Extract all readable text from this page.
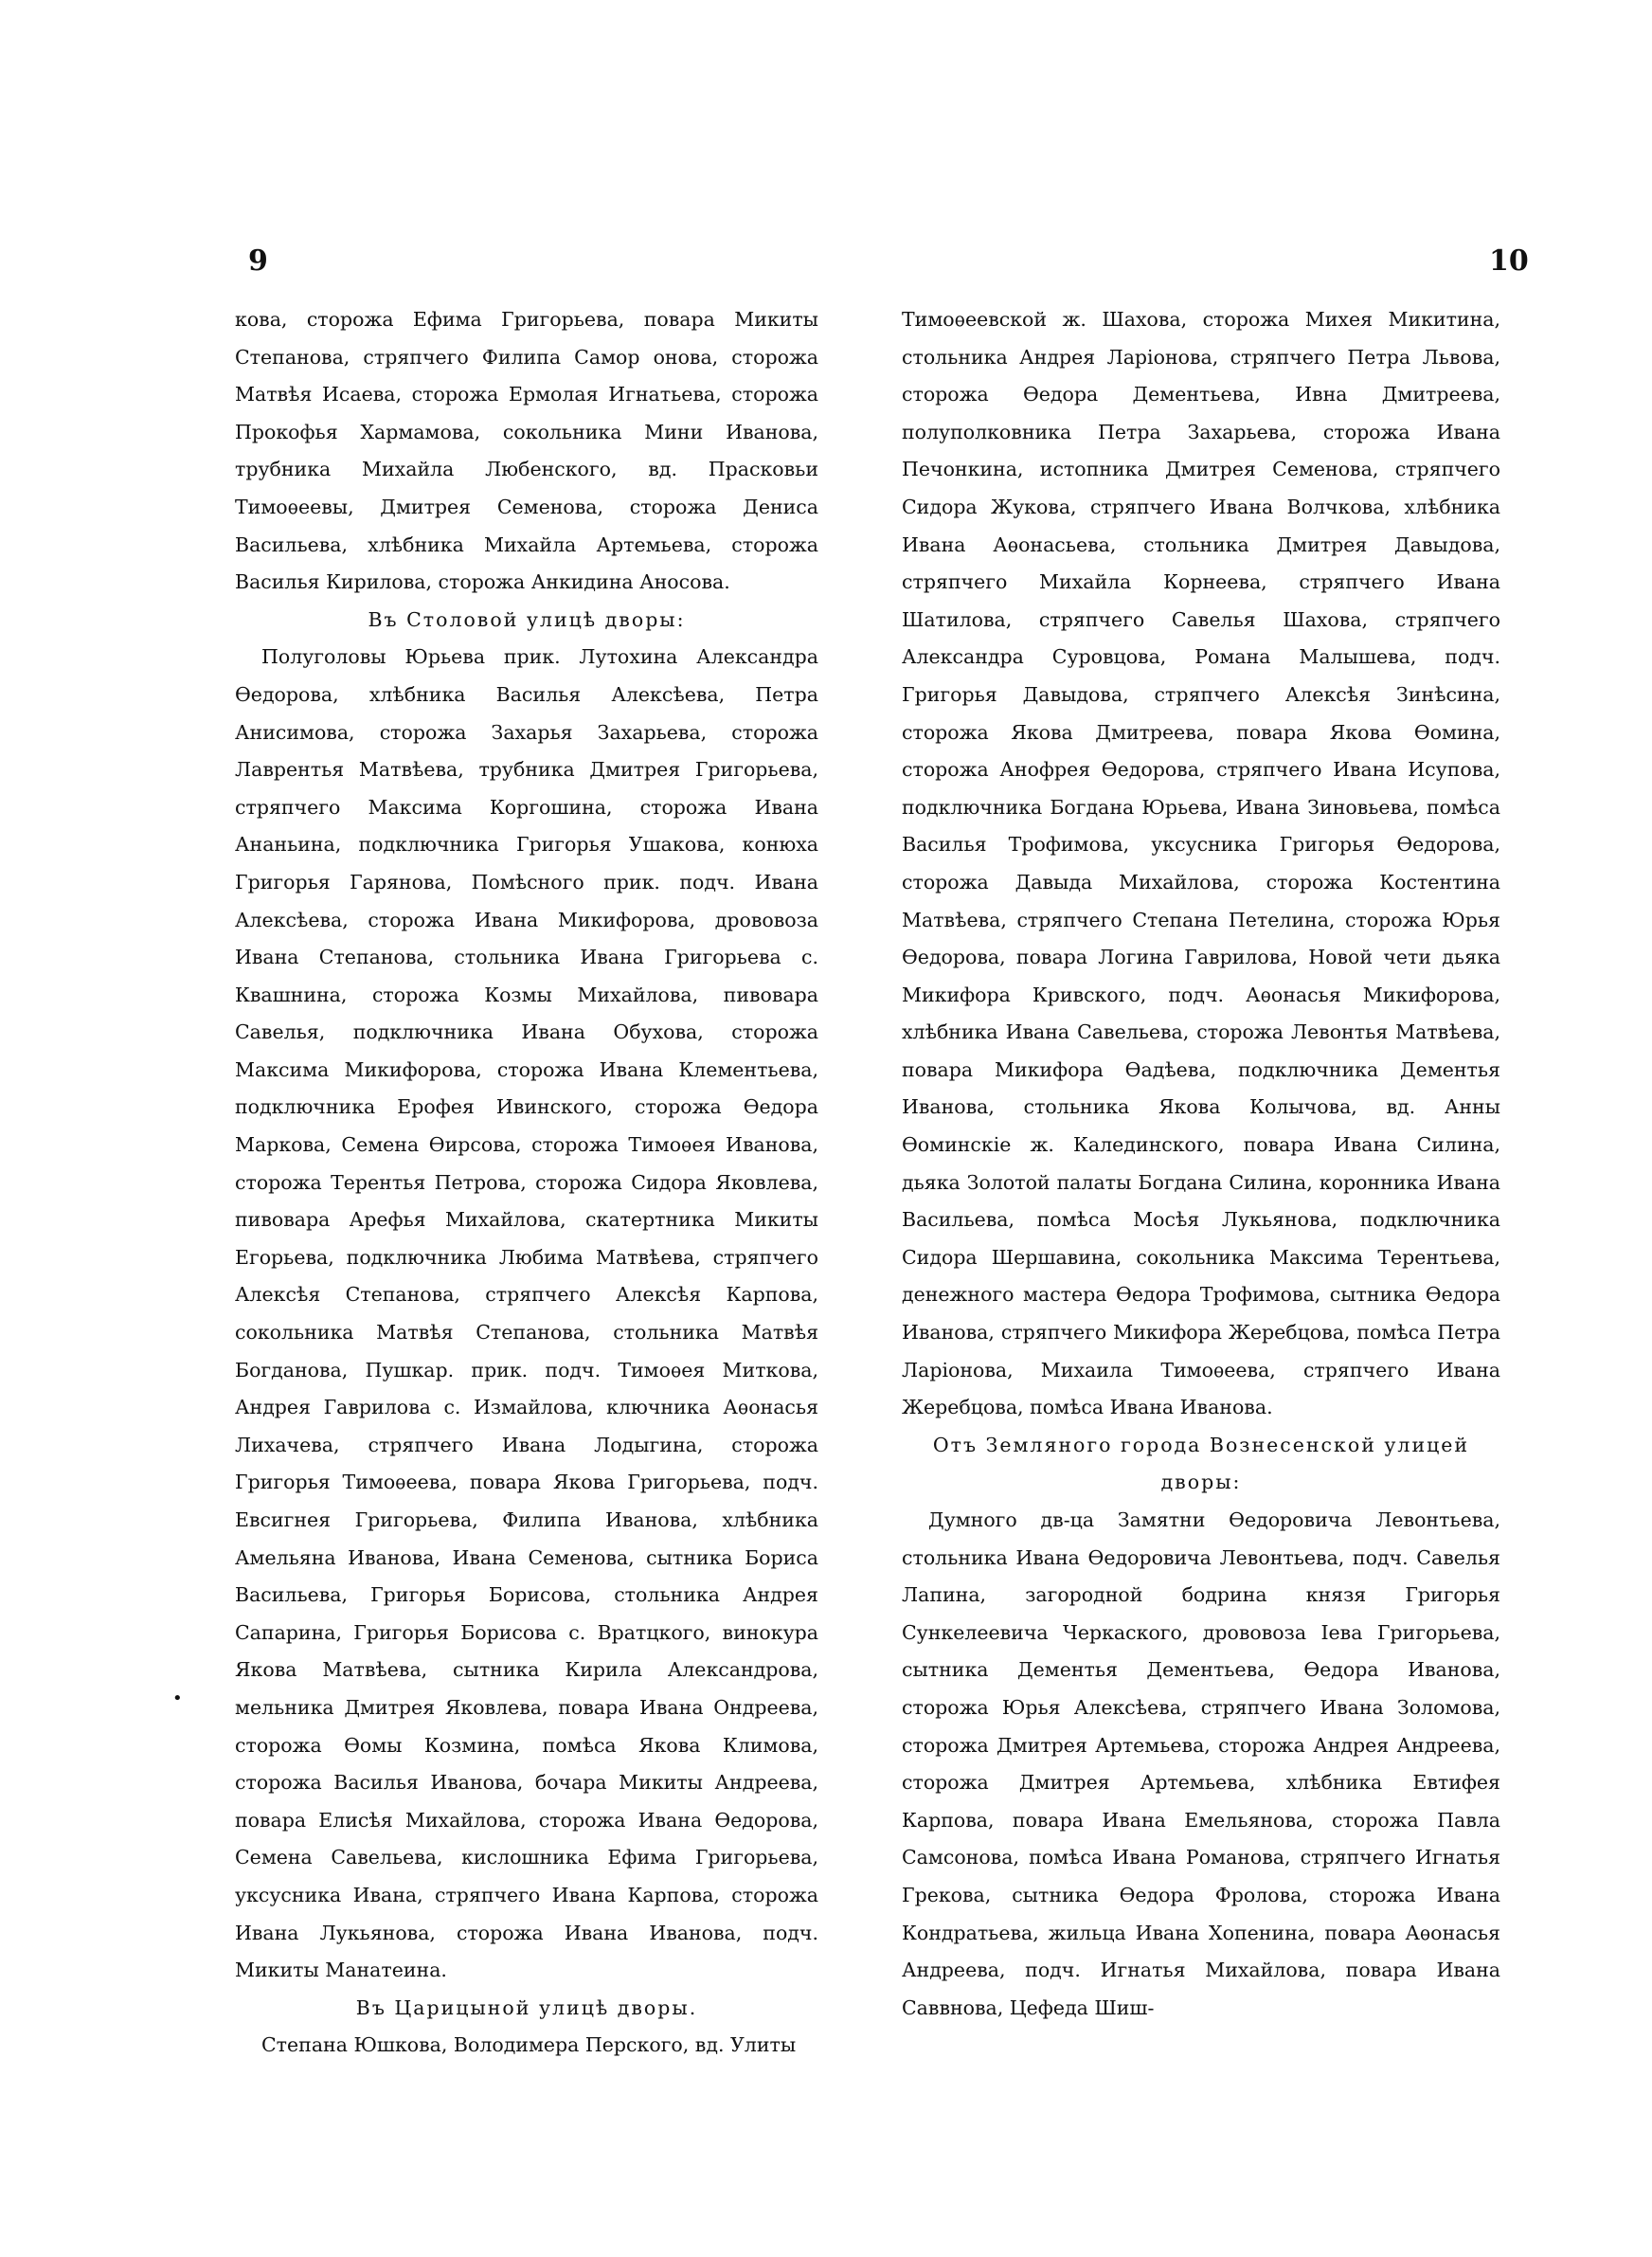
9	10
•

кова, сторожа Ефима Григорьева, повара Микиты Степанова, стряпчего Филипа Самоp онова, сторожа Матвѣя Исаева, сторожа Ермолая Игнатьева, сторожа Прокофья Хармамова, сокольника Мини Иванова, трубника Михайла Любенского, вд. Прасковьи Тимоѳеевы, Дмитрея Семенова, сторожа Дениса Васильева, хлѣбника Михайла Артемьева, сторожа Василья Кирилова, сторожа Анкидина Аносова.

Въ Столовой улицѣ дворы:

Полуголовы Юрьева прик. Лутохина Александра Ѳедорова, хлѣбника Василья Алексѣева, Петра Анисимова, сторожа Захарья Захарьева, сторожа Лаврентья Матвѣева, трубника Дмитрея Григорьева, стряпчего Максима Коргошина, сторожа Ивана Ананьина, подключника Григорья Ушакова, конюха Григорья Гарянова, Помѣсного прик. подч. Ивана Алексѣева, сторожа Ивана Микифорова, дрововоза Ивана Степанова, стольника Ивана Григорьева с. Квашнина, сторожа Козмы Михайлова, пивовара Савелья, подключника Ивана Обухова, сторожа Максима Микифорова, сторожа Ивана Клементьева, подключника Ерофея Ивинского, сторожа Ѳедора Маркова, Семена Ѳирсова, сторожа Тимоѳея Иванова, сторожа Терентья Петрова, сторожа Сидора Яковлева, пивовара Арефья Михайлова, скатертника Микиты Егорьева, подключника Любима Матвѣева, стряпчего Алексѣя Степанова, стряпчего Алексѣя Карпова, сокольника Матвѣя Степанова, стольника Матвѣя Богданова, Пушкар. прик. подч. Тимоѳея Миткова, Андрея Гаврилова с. Измайлова, ключника Аѳонасья Лихачева, стряпчего Ивана Лодыгина, сторожа Григорья Тимоѳеева, повара Якова Григорьева, подч. Евсигнея Григорьева, Филипа Иванова, хлѣбника Амельяна Иванова, Ивана Семенова, сытника Бориса Васильева, Григорья Борисова, стольника Андрея Сапарина, Григорья Борисова с. Вратцкого, винокура Якова Матвѣева, сытника Кирила Александрова, мельника Дмитрея Яковлева, повара Ивана Ондреева, сторожа Ѳомы Козмина, помѣса Якова Климова, сторожа Василья Иванова, бочара Микиты Андреева, повара Елисѣя Михайлова, сторожа Ивана Ѳедорова, Семена Савельева, кислошника Ефима Григорьева, уксусника Ивана, стряпчего Ивана Карпова, сторожа Ивана Лукьянова, сторожа Ивана Иванова, подч. Микиты Манатеина.

Въ Царицыной улицѣ дворы.

Степана Юшкова, Володимера Перского, вд. Улиты

Тимоѳеевской ж. Шахова, сторожа Михея Микитина, стольника Андрея Ларіонова, стряпчего Петра Львова, сторожа Ѳедора Дементьева, Ивна Дмитреева, полуполковника Петра Захарьева, сторожа Ивана Печонкина, истопника Дмитрея Семенова, стряпчего Сидора Жукова, стряпчего Ивана Волчкова, хлѣбника Ивана Аѳонасьева, стольника Дмитрея Давыдова, стряпчего Михайла Корнеева, стряпчего Ивана Шатилова, стряпчего Савелья Шахова, стряпчего Александра Суровцова, Романа Малышева, подч. Григорья Давыдова, стряпчего Алексѣя Зинѣсина, сторожа Якова Дмитреева, повара Якова Ѳомина, сторожа Анофрея Ѳедорова, стряпчего Ивана Исупова, подключника Богдана Юрьева, Ивана Зиновьева, помѣса Василья Трофимова, уксусника Григорья Ѳедорова, сторожа Давыда Михайлова, сторожа Костентина Матвѣева, стряпчего Степана Петелина, сторожа Юрья Ѳедорова, повара Логина Гаврилова, Новой чети дьяка Микифора Кривского, подч. Аѳонасья Микифорова, хлѣбника Ивана Савельева, сторожа Левонтья Матвѣева, повара Микифора Ѳадѣева, подключника Дементья Иванова, стольника Якова Колычова, вд. Анны Ѳоминскіе ж. Калединского, повара Ивана Силина, дьяка Золотой палаты Богдана Силина, коронника Ивана Васильева, помѣса Мосѣя Лукьянова, подключника Сидора Шершавина, сокольника Максима Терентьева, денежного мастера Ѳедора Трофимова, сытника Ѳедора Иванова, стряпчего Микифора Жеребцова, помѣса Петра Ларіонова, Михаила Тимоѳеева, стряпчего Ивана Жеребцова, помѣса Ивана Иванова.

Отъ Земляного города Вознесенской улицей дворы:

Думного дв-ца Замятни Ѳедоровича Левонтьева, стольника Ивана Ѳедоровича Левонтьева, подч. Савелья Лапина, загородной бодрина князя Григорья Сункелеевича Черкаского, дрововоза Іева Григорьева, сытника Дементья Дементьева, Ѳедора Иванова, сторожа Юрья Алексѣева, стряпчего Ивана Золомова, сторожа Дмитрея Артемьева, сторожа Андрея Андреева, сторожа Дмитрея Артемьева, хлѣбника Евтифея Карпова, повара Ивана Емельянова, сторожа Павла Самсонова, помѣса Ивана Романова, стряпчего Игнатья Грекова, сытника Ѳедора Фролова, сторожа Ивана Кондратьева, жильца Ивана Хопенина, повара Аѳонасья Андреева, подч. Игнатья Михайлова, повара Ивана Саввнова, Цефеда Шиш-
